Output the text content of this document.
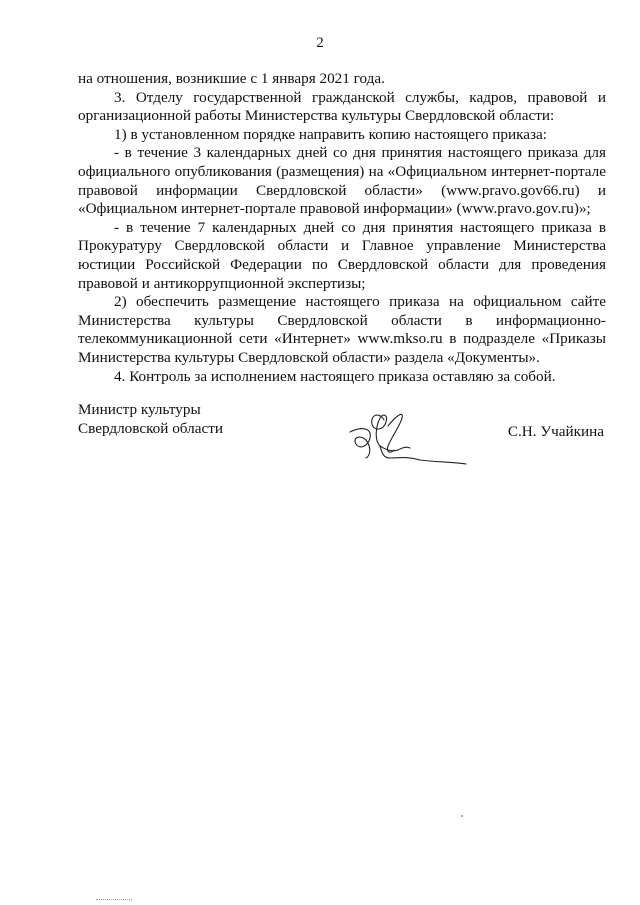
2

на отношения, возникшие с 1 января 2021 года.

3. Отделу государственной гражданской службы, кадров, правовой и организационной работы Министерства культуры Свердловской области:

1) в установленном порядке направить копию настоящего приказа:

- в течение 3 календарных дней со дня принятия настоящего приказа для официального опубликования (размещения) на «Официальном интернет-портале правовой информации Свердловской области» (www.pravo.gov66.ru) и «Официальном интернет-портале правовой информации» (www.pravo.gov.ru)»;

- в течение 7 календарных дней со дня принятия настоящего приказа в Прокуратуру Свердловской области и Главное управление Министерства юстиции Российской Федерации по Свердловской области для проведения правовой и антикоррупционной экспертизы;

2) обеспечить размещение настоящего приказа на официальном сайте Министерства культуры Свердловской области в информационно-телекоммуникационной сети «Интернет» www.mkso.ru в подразделе «Приказы Министерства культуры Свердловской области» раздела «Документы».

4. Контроль за исполнением настоящего приказа оставляю за собой.

Министр культуры
Свердловской области	С.Н. Учайкина
